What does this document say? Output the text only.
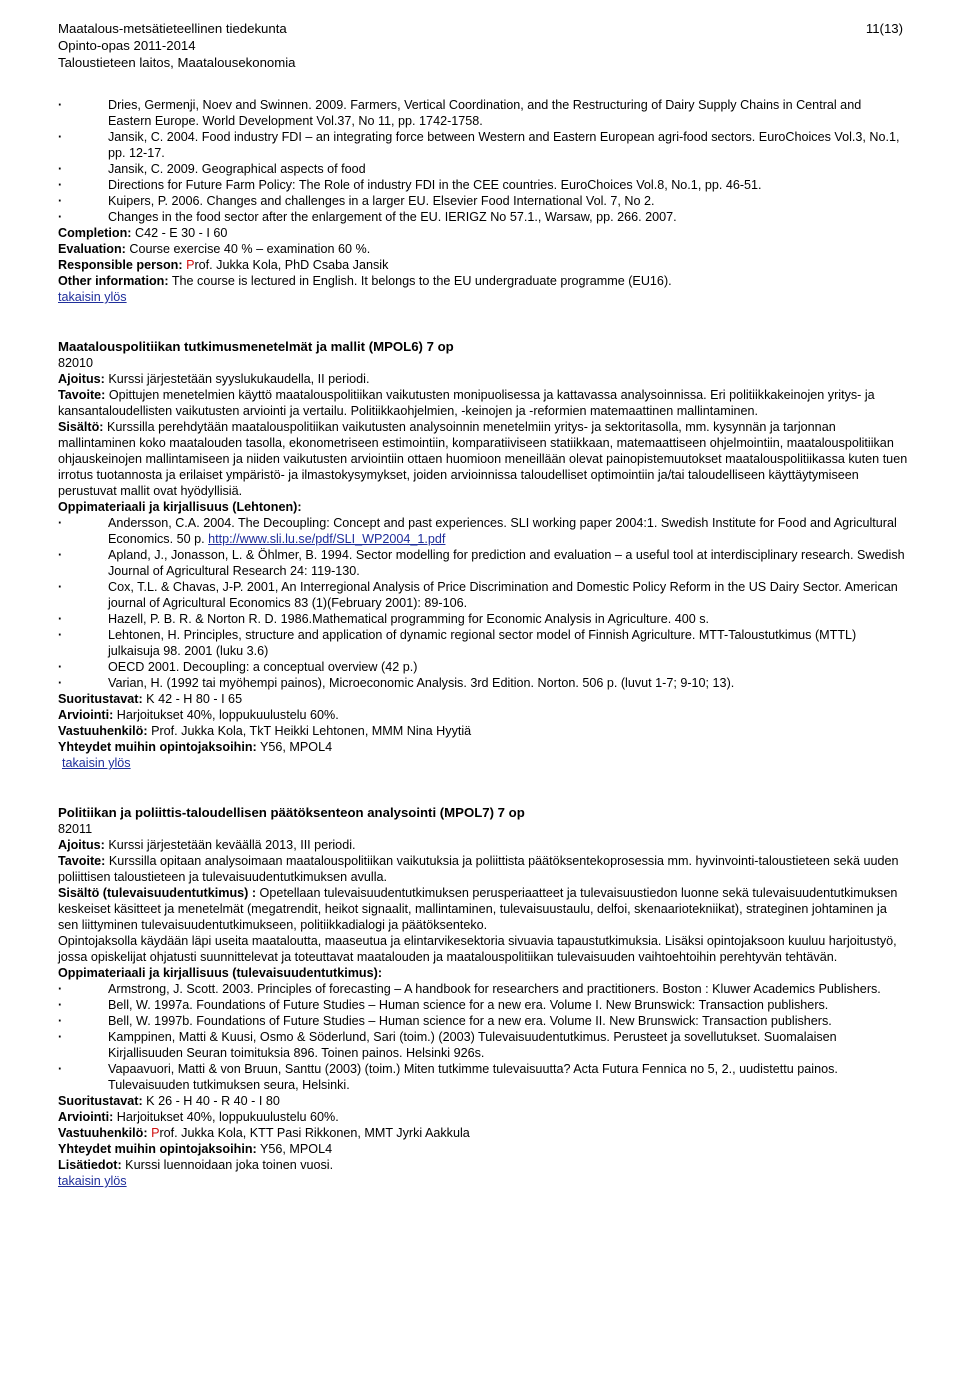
Maatalous-metsätieteellinen tiedekunta
Opinto-opas 2011-2014
Taloustieteen laitos, Maatalousekonomia
11(13)
· Dries, Germenji, Noev and Swinnen. 2009. Farmers, Vertical Coordination, and the Restructuring of Dairy Supply Chains in Central and Eastern Europe. World Development Vol.37, No 11, pp. 1742-1758.
· Jansik, C. 2004. Food industry FDI – an integrating force between Western and Eastern European agri-food sectors. EuroChoices Vol.3, No.1, pp. 12-17.
· Jansik, C. 2009. Geographical aspects of food
· Directions for Future Farm Policy: The Role of industry FDI in the CEE countries. EuroChoices Vol.8, No.1, pp. 46-51.
· Kuipers, P. 2006. Changes and challenges in a larger EU. Elsevier Food International Vol. 7, No 2.
· Changes in the food sector after the enlargement of the EU. IERIGZ No 57.1., Warsaw, pp. 266. 2007.
Completion: C42 - E 30 - I 60
Evaluation: Course exercise 40 % – examination 60 %.
Responsible person: Prof. Jukka Kola, PhD Csaba Jansik
Other information: The course is lectured in English. It belongs to the EU undergraduate programme (EU16).
takaisin ylös
Maatalouspolitiikan tutkimusmenetelmät ja mallit (MPOL6) 7 op
82010
Ajoitus: Kurssi järjestetään syyslukukaudella, II periodi.
Tavoite: Opittujen menetelmien käyttö maatalouspolitiikan vaikutusten monipuolisessa ja kattavassa analysoinnissa. Eri politiikkakeinojen yritys- ja kansantaloudellisten vaikutusten arviointi ja vertailu. Politiikkaohjelmien, -keinojen ja -reformien matemaattinen mallintaminen.
Sisältö: Kurssilla perehdytään maatalouspolitiikan vaikutusten analysoinnin menetelmiin yritys- ja sektoritasolla, mm. kysynnän ja tarjonnan mallintaminen koko maatalouden tasolla, ekonometriseen estimointiin, komparatiiviseen statiikkaan, matemaattiseen ohjelmointiin, maatalouspolitiikan ohjauskeinojen mallintamiseen ja niiden vaikutusten arviointiin ottaen huomioon meneillään olevat painopistemuutokset maatalouspolitiikassa kuten tuen irrotus tuotannosta ja erilaiset ympäristö- ja ilmastokysymykset, joiden arvioinnissa taloudelliset optimointiin ja/tai taloudelliseen käyttäytymiseen perustuvat mallit ovat hyödyllisiä.
Oppimateriaali ja kirjallisuus (Lehtonen):
· Andersson, C.A. 2004. The Decoupling: Concept and past experiences. SLI working paper 2004:1. Swedish Institute for Food and Agricultural Economics. 50 p. http://www.sli.lu.se/pdf/SLI_WP2004_1.pdf
· Apland, J., Jonasson, L. & Öhlmer, B. 1994. Sector modelling for prediction and evaluation – a useful tool at interdisciplinary research. Swedish Journal of Agricultural Research 24: 119-130.
· Cox, T.L. & Chavas, J-P. 2001, An Interregional Analysis of Price Discrimination and Domestic Policy Reform in the US Dairy Sector. American journal of Agricultural Economics 83 (1)(February 2001): 89-106.
· Hazell, P. B. R. & Norton R. D. 1986.Mathematical programming for Economic Analysis in Agriculture. 400 s.
· Lehtonen, H. Principles, structure and application of dynamic regional sector model of Finnish Agriculture. MTT-Taloustutkimus (MTTL) julkaisuja 98. 2001 (luku 3.6)
· OECD 2001. Decoupling: a conceptual overview (42 p.)
· Varian, H. (1992 tai myöhempi painos), Microeconomic Analysis. 3rd Edition. Norton. 506 p. (luvut 1-7; 9-10; 13).
Suoritustavat: K 42 - H 80 - I 65
Arviointi: Harjoitukset 40%, loppukuulustelu 60%.
Vastuuhenkilö: Prof. Jukka Kola, TkT Heikki Lehtonen, MMM Nina Hyytiä
Yhteydet muihin opintojaksoihin: Y56, MPOL4
takaisin ylös
Politiikan ja poliittis-taloudellisen päätöksenteon analysointi (MPOL7) 7 op
82011
Ajoitus: Kurssi järjestetään keväällä 2013, III periodi.
Tavoite: Kurssilla opitaan analysoimaan maatalouspolitiikan vaikutuksia ja poliittista päätöksentekoprosessia mm. hyvinvointi-taloustieteen sekä uuden poliittisen taloustieteen ja tulevaisuudentutkimuksen avulla.
Sisältö (tulevaisuudentutkimus) : Opetellaan tulevaisuudentutkimuksen perusperiaatteet ja tulevaisuustiedon luonne sekä tulevaisuudentutkimuksen keskeiset käsitteet ja menetelmät (megatrendit, heikot signaalit, mallintaminen, tulevaisuustaulu, delfoi, skenaariotekniikat), strateginen johtaminen ja sen liittyminen tulevaisuudentutkimukseen, politiikkadialogi ja päätöksenteko.
Opintojaksolla käydään läpi useita maataloutta, maaseutua ja elintarvikesektoria sivuavia tapaustutkimuksia. Lisäksi opintojaksoon kuuluu harjoitustyö, jossa opiskelijat ohjatusti suunnittelevat ja toteuttavat maatalouden ja maatalouspolitiikan tulevaisuuden vaihtoehtoihin perehtyvän tehtävän.
Oppimateriaali ja kirjallisuus (tulevaisuudentutkimus):
· Armstrong, J. Scott. 2003. Principles of forecasting – A handbook for researchers and practitioners. Boston : Kluwer Academics Publishers.
· Bell, W. 1997a. Foundations of Future Studies – Human science for a new era. Volume I. New Brunswick: Transaction publishers.
· Bell, W. 1997b. Foundations of Future Studies – Human science for a new era. Volume II. New Brunswick: Transaction publishers.
· Kamppinen, Matti & Kuusi, Osmo & Söderlund, Sari (toim.) (2003) Tulevaisuudentutkimus. Perusteet ja sovellutukset. Suomalaisen Kirjallisuuden Seuran toimituksia 896. Toinen painos. Helsinki 926s.
· Vapaavuori, Matti & von Bruun, Santtu (2003) (toim.) Miten tutkimme tulevaisuutta? Acta Futura Fennica no 5, 2., uudistettu painos. Tulevaisuuden tutkimuksen seura, Helsinki.
Suoritustavat: K 26 - H 40 - R 40 - I 80
Arviointi: Harjoitukset 40%, loppukuulustelu 60%.
Vastuuhenkilö: Prof. Jukka Kola, KTT Pasi Rikkonen, MMT Jyrki Aakkula
Yhteydet muihin opintojaksoihin: Y56, MPOL4
Lisätiedot: Kurssi luennoidaan joka toinen vuosi.
takaisin ylös
